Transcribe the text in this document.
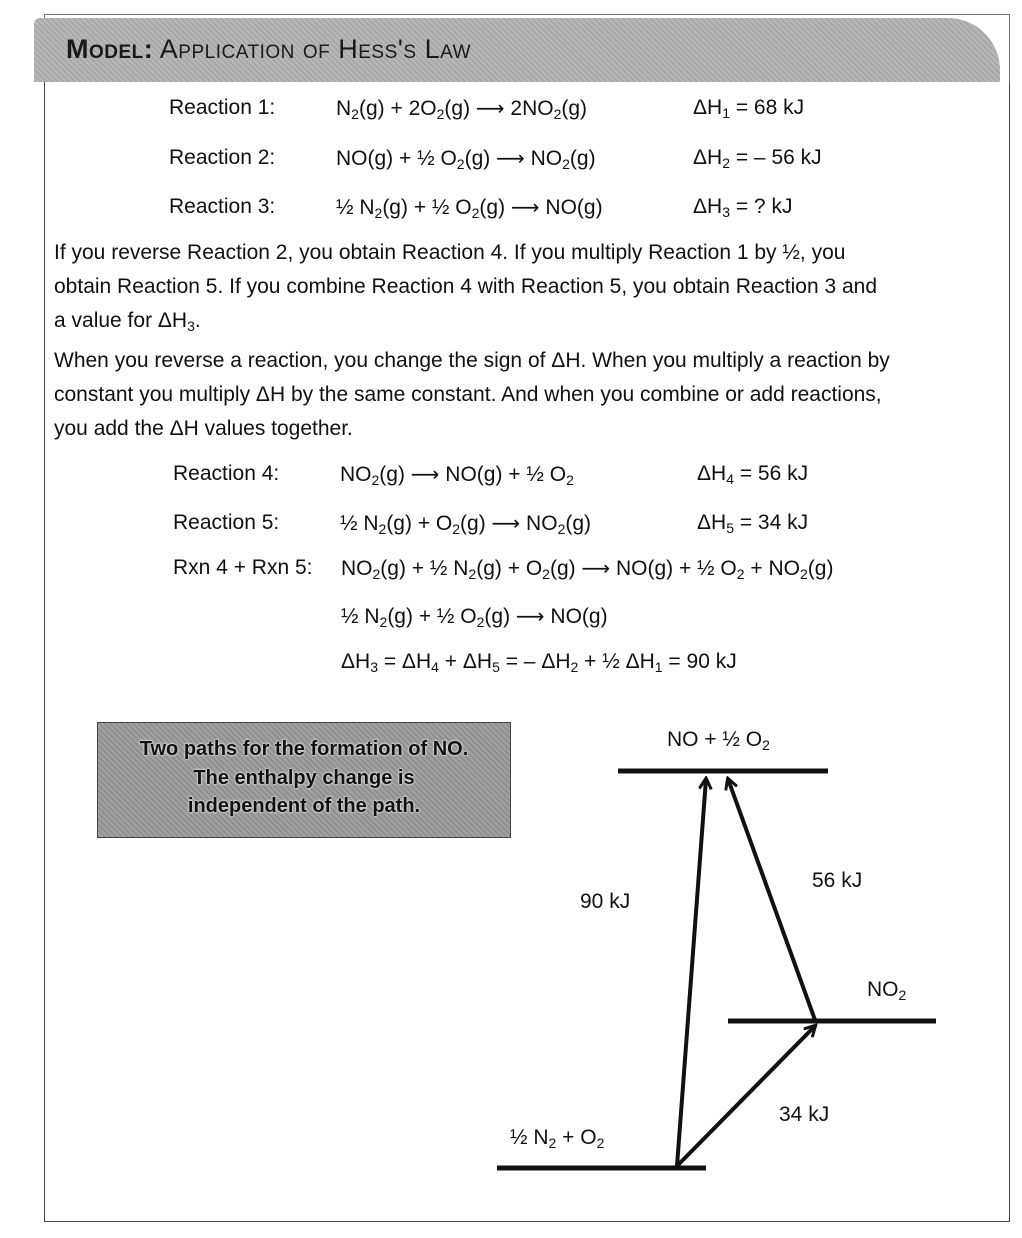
Model: Application of Hess's Law
Reaction 1:	$N_2(g) + 2O_2(g)$ ⟶ $2NO_2(g)$	$\Delta H_1 = 68$ kJ
Reaction 2:	NO(g) + ½ $O_2(g)$ ⟶ $NO_2(g)$	$\Delta H_2$ = – 56 kJ
Reaction 3:	½ $N_2(g)$ + ½ $O_2(g)$ ⟶ NO(g)	$\Delta H_3$ = ? kJ
If you reverse Reaction 2, you obtain Reaction 4. If you multiply Reaction 1 by ½, you
obtain Reaction 5. If you combine Reaction 4 with Reaction 5, you obtain Reaction 3 and
a value for $\Delta H_3$.
When you reverse a reaction, you change the sign of ΔH. When you multiply a reaction by
constant you multiply ΔH by the same constant. And when you combine or add reactions,
you add the ΔH values together.
Reaction 4:	$NO_2(g)$ ⟶ NO(g) + ½ $O_2$	$\Delta H_4 = 56$ kJ
Reaction 5:	½ $N_2(g) + O_2(g)$ ⟶ $NO_2(g)$	$\Delta H_5 = 34$ kJ
Rxn 4 + Rxn 5: $NO_2(g)$ + ½ $N_2(g) + O_2(g)$ ⟶ NO(g) + ½ $O_2 + NO_2(g)$
½ $N_2(g)$ + ½ $O_2(g)$ ⟶ NO(g)
$\Delta H_3 = \Delta H_4 + \Delta H_5$ = – $\Delta H_2$ + ½ $\Delta H_1 = 90$ kJ
Two paths for the formation of NO.
The enthalpy change is
independent of the path.
NO + ½ $O_2$
$NO_2$
½ $N_2 + O_2$
90 kJ
56 kJ
34 kJ
